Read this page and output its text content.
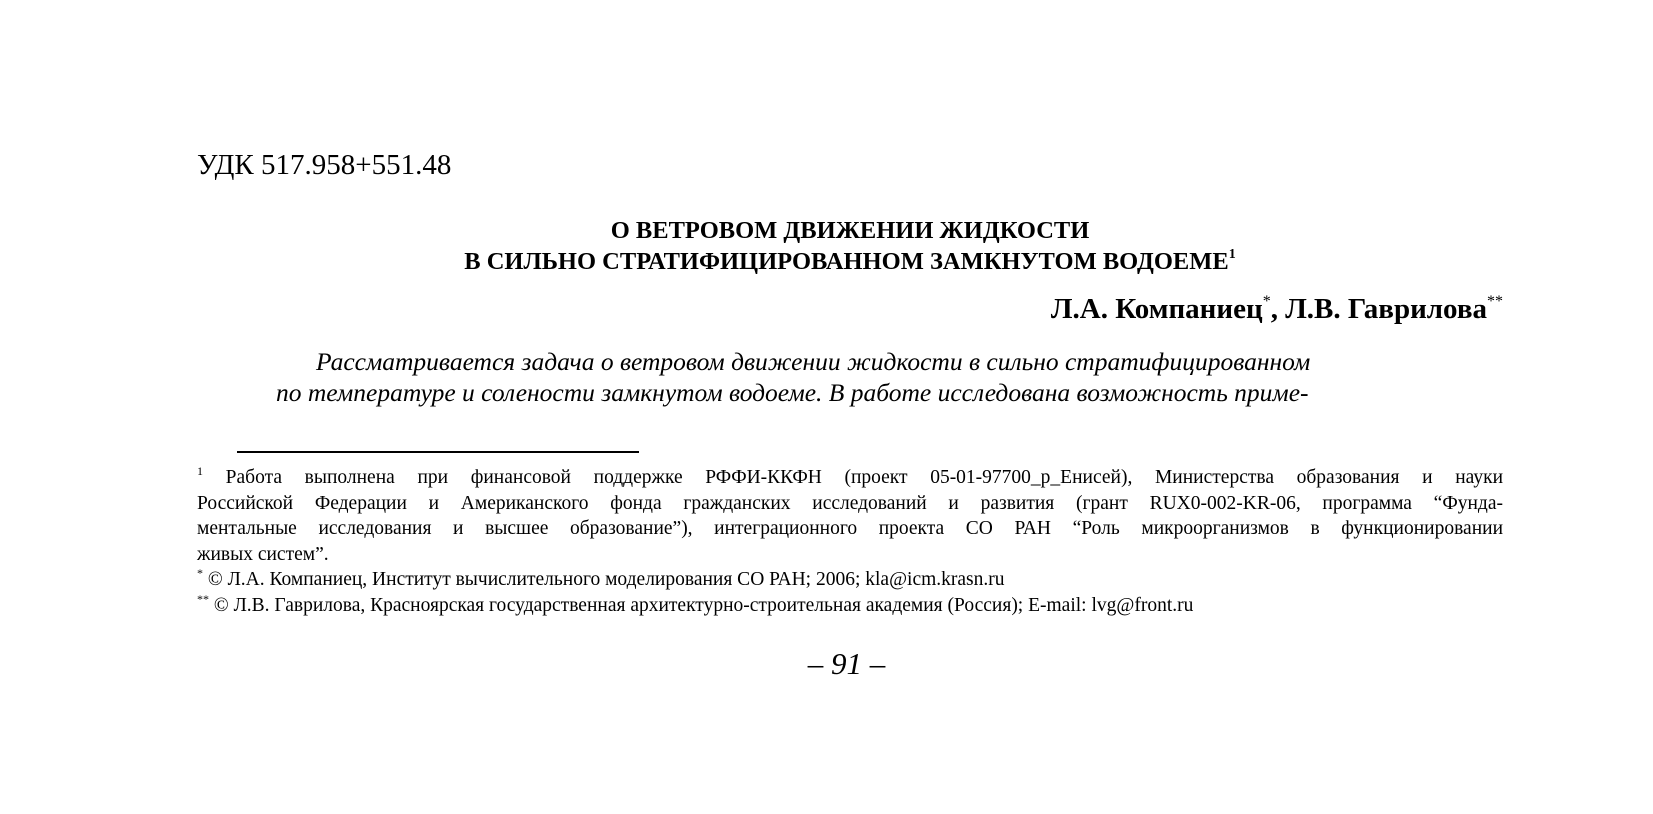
УДК 517.958+551.48
О ВЕТРОВОМ ДВИЖЕНИИ ЖИДКОСТИ
В СИЛЬНО СТРАТИФИЦИРОВАННОМ ЗАМКНУТОМ ВОДОЕМЕ$^1$
Л.А. Компаниец*, Л.В. Гаврилова**
Рассматривается задача о ветровом движении жидкости в сильно стратифицированном
по температуре и солености замкнутом водоеме. В работе исследована возможность приме-
$^1$ Работа выполнена при финансовой поддержке РФФИ-ККФН (проект 05-01-97700_р_Енисей), Министерства образования и науки
Российской Федерации и Американского фонда гражданских исследований и развития (грант RUX0-002-KR-06, программа “Фунда-
ментальные исследования и высшее образование”), интеграционного проекта СО РАН “Роль микроорганизмов в функционировании
живых систем”.
* © Л.А. Компаниец, Институт вычислительного моделирования СО РАН; 2006; kla@icm.krasn.ru
** © Л.В. Гаврилова, Красноярская государственная архитектурно-строительная академия (Россия); E-mail: lvg@front.ru
– 91 –
